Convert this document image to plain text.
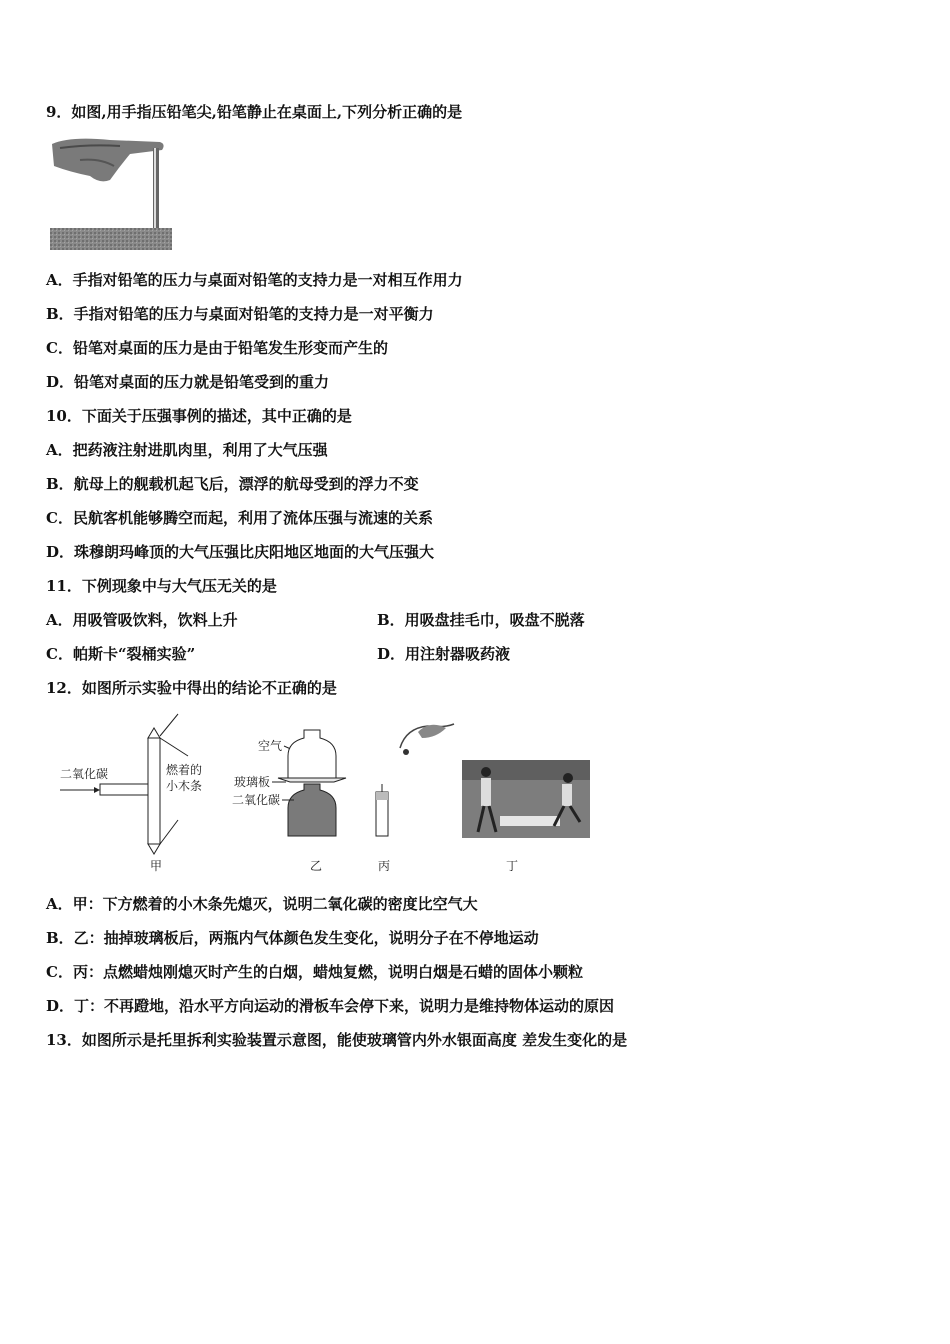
9．如图,用手指压铅笔尖,铅笔静止在桌面上,下列分析正确的是
A．手指对铅笔的压力与桌面对铅笔的支持力是一对相互作用力
B．手指对铅笔的压力与桌面对铅笔的支持力是一对平衡力
C．铅笔对桌面的压力是由于铅笔发生形变而产生的
D．铅笔对桌面的压力就是铅笔受到的重力
10．下面关于压强事例的描述，其中正确的是
A．把药液注射进肌肉里，利用了大气压强
B．航母上的舰载机起飞后，漂浮的航母受到的浮力不变
C．民航客机能够腾空而起，利用了流体压强与流速的关系
D．珠穆朗玛峰顶的大气压强比庆阳地区地面的大气压强大
11．下例现象中与大气压无关的是
A．用吸管吸饮料，饮料上升	B．用吸盘挂毛巾，吸盘不脱落
C．帕斯卡“裂桶实验”	D．用注射器吸药液
12．如图所示实验中得出的结论不正确的是
二氧化碳	燃着的
小木条
甲
空气
玻璃板
二氧化碳
乙	丙	丁
A．甲：下方燃着的小木条先熄灭，说明二氧化碳的密度比空气大
B．乙：抽掉玻璃板后，两瓶内气体颜色发生变化，说明分子在不停地运动
C．丙：点燃蜡烛刚熄灭时产生的白烟，蜡烛复燃，说明白烟是石蜡的固体小颗粒
D．丁：不再蹬地，沿水平方向运动的滑板车会停下来，说明力是维持物体运动的原因
13．如图所示是托里拆利实验装置示意图，能使玻璃管内外水银面高度 差发生变化的是
